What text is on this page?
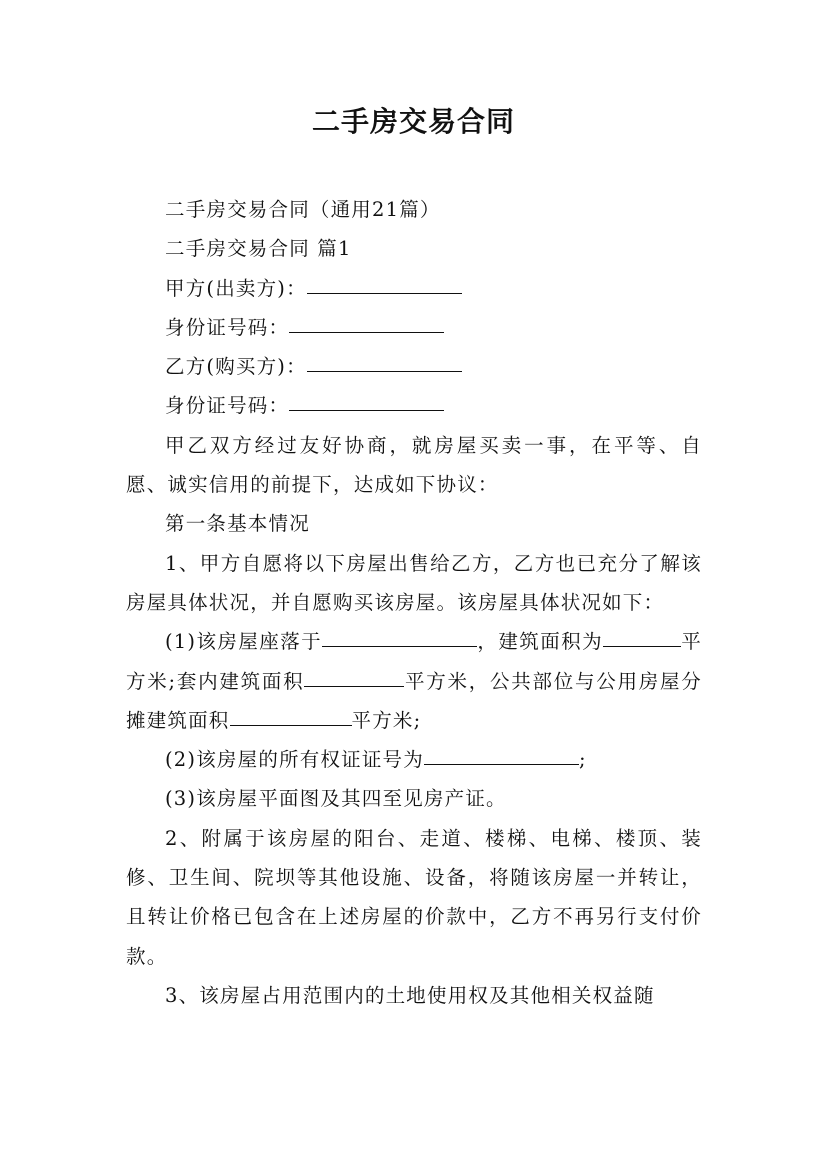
二手房交易合同

二手房交易合同（通用21篇）

二手房交易合同 篇1

甲方(出卖方)：

身份证号码：

乙方(购买方)：

身份证号码：

甲乙双方经过友好协商，就房屋买卖一事，在平等、自愿、诚实信用的前提下，达成如下协议：

第一条基本情况

1、甲方自愿将以下房屋出售给乙方，乙方也已充分了解该房屋具体状况，并自愿购买该房屋。该房屋具体状况如下：

(1)该房屋座落于	，建筑面积为	平方米;套内建筑面积	平方米，公共部位与公用房屋分摊建筑面积	平方米;

(2)该房屋的所有权证证号为	;

(3)该房屋平面图及其四至见房产证。

2、附属于该房屋的阳台、走道、楼梯、电梯、楼顶、装修、卫生间、院坝等其他设施、设备，将随该房屋一并转让，且转让价格已包含在上述房屋的价款中，乙方不再另行支付价款。

3、该房屋占用范围内的土地使用权及其他相关权益随
